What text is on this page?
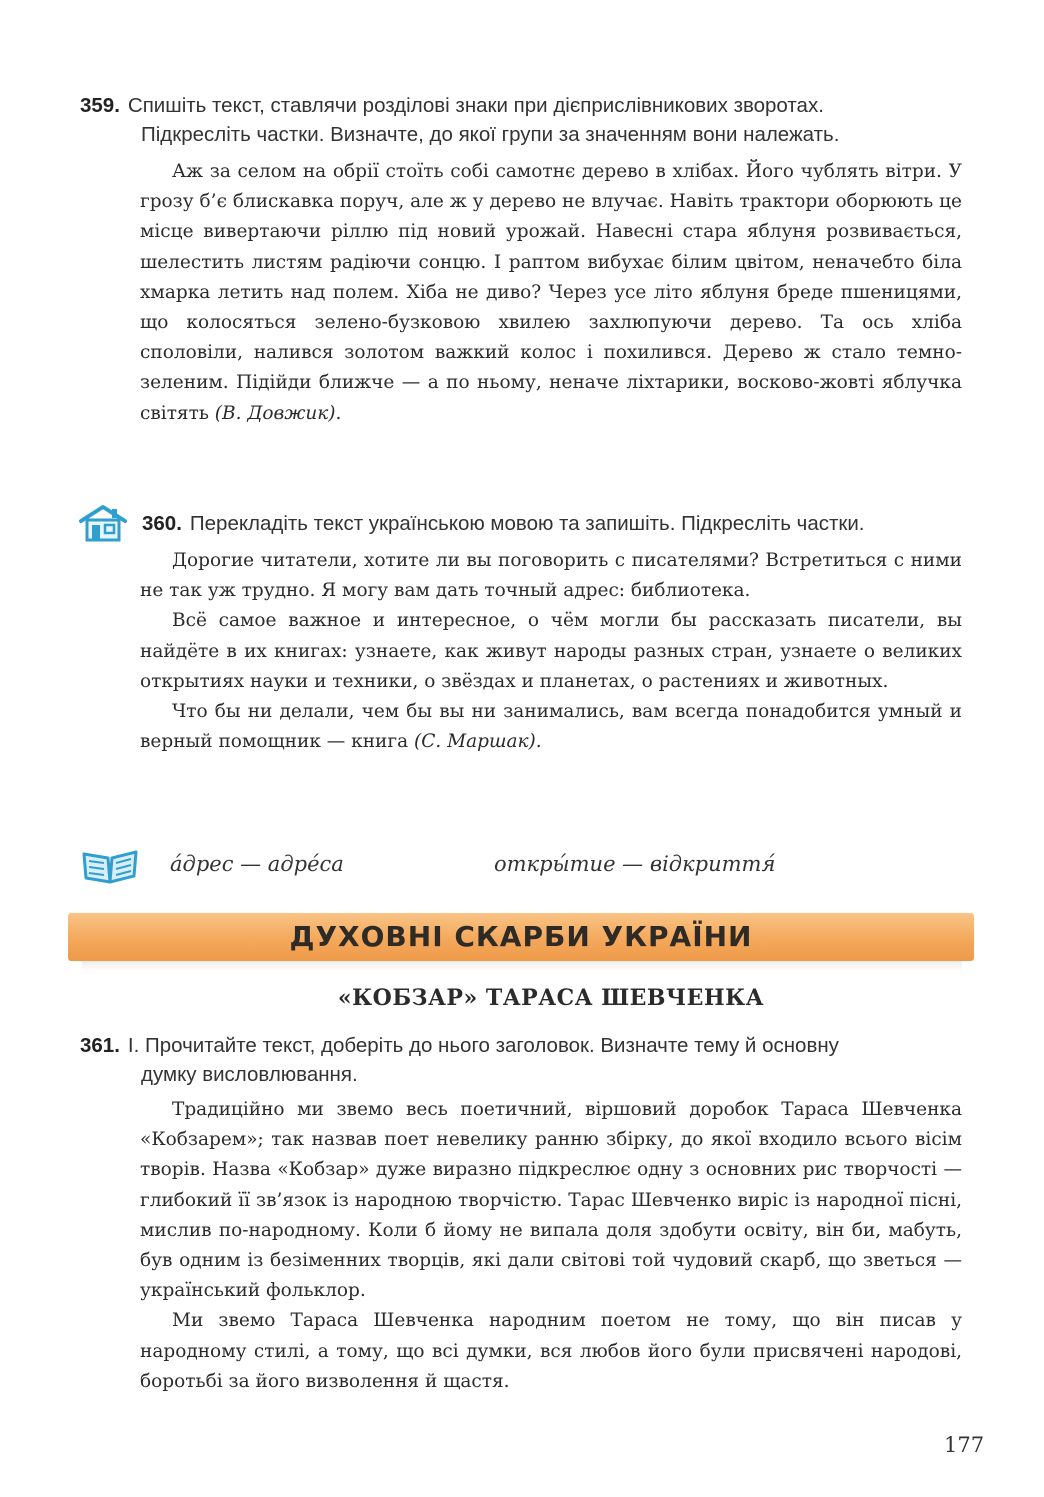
359. Спишіть текст, ставлячи розділові знаки при дієприслівникових зворотах.
Підкресліть частки. Визначте, до якої групи за значенням вони належать.

Аж за селом на обрії стоїть собі самотнє дерево в хлібах. Його чублять вітри. У грозу б’є блискавка поруч, але ж у дерево не влучає. Навіть трактори оборюють це місце вивертаючи ріллю під новий урожай. Навесні стара яблуня розвивається, шелестить листям радіючи сонцю. І раптом вибухає білим цвітом, неначебто біла хмарка летить над полем. Хіба не диво? Через усе літо яблуня бреде пшеницями, що колосяться зелено-бузковою хвилею захлюпуючи дерево. Та ось хліба споловіли, налився золотом важкий колос і похилився. Дерево ж стало темно-зеленим. Підійди ближче — а по ньому, неначе ліхтарики, восково-жовті яблучка світять (В. Довжик).

360. Перекладіть текст українською мовою та запишіть. Підкресліть частки.

Дорогие читатели, хотите ли вы поговорить с писателями? Встретиться с ними не так уж трудно. Я могу вам дать точный адрес: библиотека.

Всё самое важное и интересное, о чём могли бы рассказать писатели, вы найдёте в их книгах: узнаете, как живут народы разных стран, узнаете о великих открытиях науки и техники, о звёздах и планетах, о растениях и животных.

Что бы ни делали, чем бы вы ни занимались, вам всегда понадобится умный и верный помощник — книга (С. Маршак).

а́дрес — адре́са	откры́тие — відкриття́
ДУХОВНІ СКАРБИ УКРАЇНИ
«КОБЗАР» ТАРАСА ШЕВЧЕНКА
361. І. Прочитайте текст, доберіть до нього заголовок. Визначте тему й основну
думку висловлювання.

Традиційно ми звемо весь поетичний, віршовий доробок Тараса Шевченка «Кобзарем»; так назвав поет невелику ранню збірку, до якої входило всього вісім творів. Назва «Кобзар» дуже виразно підкреслює одну з основних рис творчості — глибокий її зв’язок із народною творчістю. Тарас Шевченко виріс із народної пісні, мислив по-народному. Коли б йому не випала доля здобути освіту, він би, мабуть, був одним із безіменних творців, які дали світові той чудовий скарб, що зветься — український фольклор.

Ми звемо Тараса Шевченка народним поетом не тому, що він писав у народному стилі, а тому, що всі думки, вся любов його були присвячені народові, боротьбі за його визволення й щастя.

177
